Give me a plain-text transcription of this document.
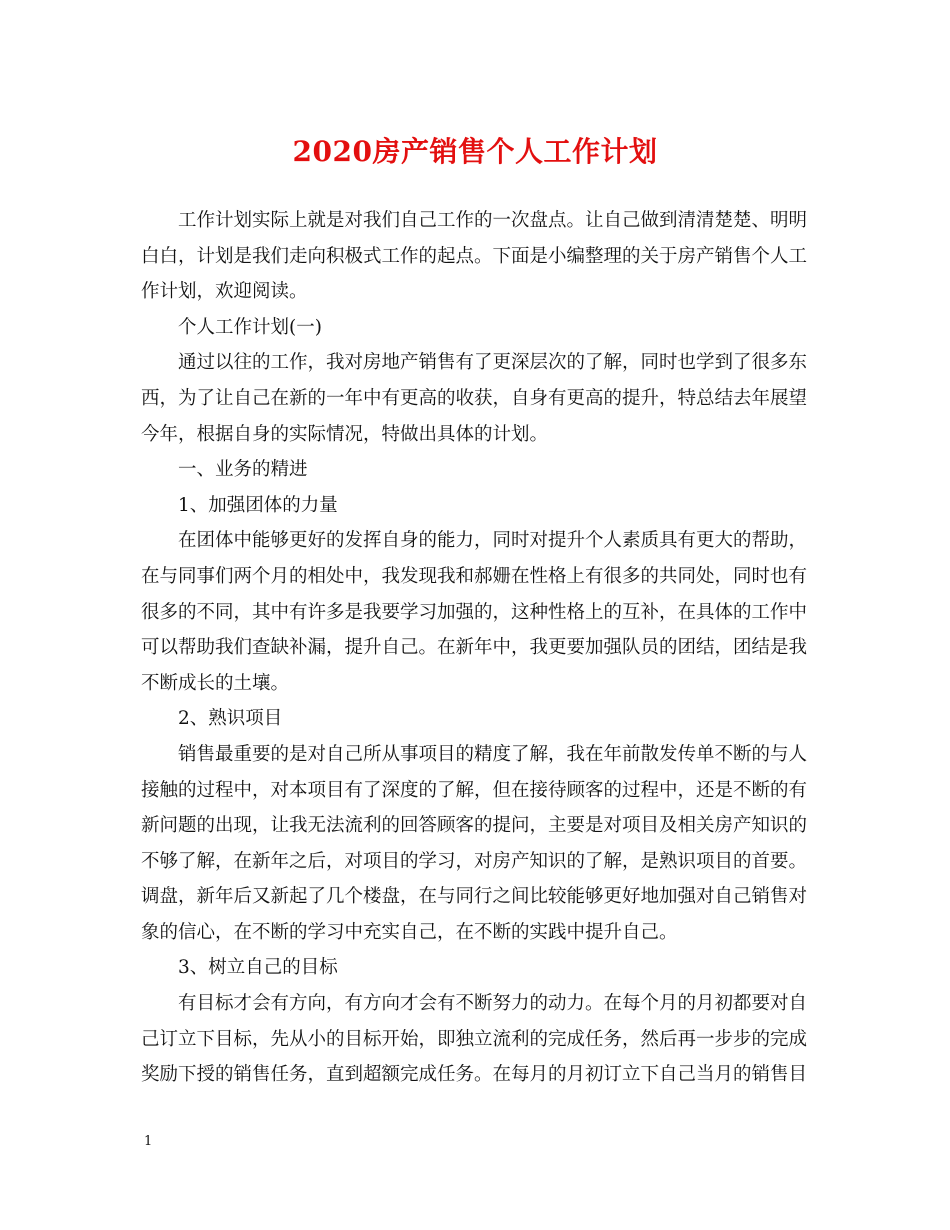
2020房产销售个人工作计划

工作计划实际上就是对我们自己工作的一次盘点。让自己做到清清楚楚、明明白白，计划是我们走向积极式工作的起点。下面是小编整理的关于房产销售个人工作计划，欢迎阅读。

个人工作计划(一)

通过以往的工作，我对房地产销售有了更深层次的了解，同时也学到了很多东西，为了让自己在新的一年中有更高的收获，自身有更高的提升，特总结去年展望今年，根据自身的实际情况，特做出具体的计划。

一、业务的精进

1、加强团体的力量

在团体中能够更好的发挥自身的能力，同时对提升个人素质具有更大的帮助，在与同事们两个月的相处中，我发现我和郝姗在性格上有很多的共同处，同时也有很多的不同，其中有许多是我要学习加强的，这种性格上的互补，在具体的工作中可以帮助我们查缺补漏，提升自己。在新年中，我更要加强队员的团结，团结是我不断成长的土壤。

2、熟识项目

销售最重要的是对自己所从事项目的精度了解，我在年前散发传单不断的与人接触的过程中，对本项目有了深度的了解，但在接待顾客的过程中，还是不断的有新问题的出现，让我无法流利的回答顾客的提问，主要是对项目及相关房产知识的不够了解，在新年之后，对项目的学习，对房产知识的了解，是熟识项目的首要。调盘，新年后又新起了几个楼盘，在与同行之间比较能够更好地加强对自己销售对象的信心，在不断的学习中充实自己，在不断的实践中提升自己。

3、树立自己的目标

有目标才会有方向，有方向才会有不断努力的动力。在每个月的月初都要对自己订立下目标，先从小的目标开始，即独立流利的完成任务，然后再一步步的完成奖励下授的销售任务，直到超额完成任务。在每月的月初订立下自己当月的销售目

1
